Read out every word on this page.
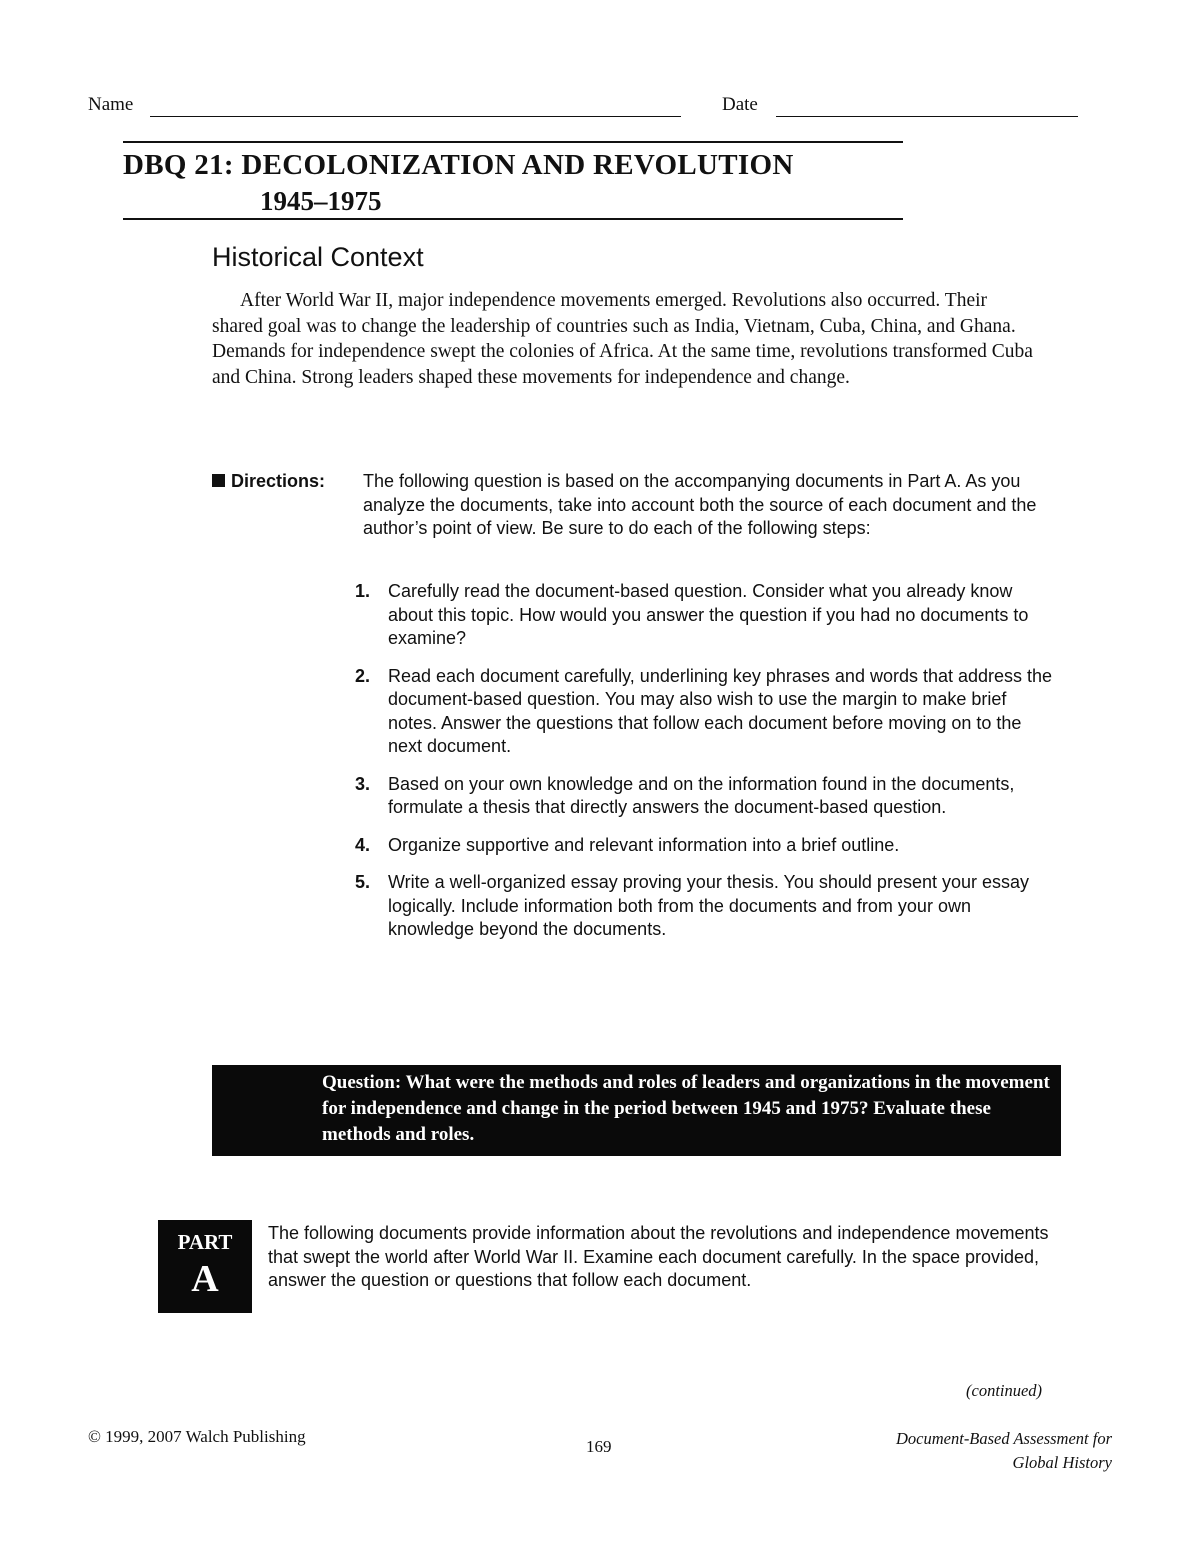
Name	Date
DBQ 21: DECOLONIZATION AND REVOLUTION
1945–1975
Historical Context

After World War II, major independence movements emerged. Revolutions also occurred. Their shared goal was to change the leadership of countries such as India, Vietnam, Cuba, China, and Ghana. Demands for independence swept the colonies of Africa. At the same time, revolutions transformed Cuba and China. Strong leaders shaped these movements for independence and change.

Directions:	The following question is based on the accompanying documents in Part A. As you analyze the documents, take into account both the source of each document and the author’s point of view. Be sure to do each of the following steps:

1. Carefully read the document-based question. Consider what you already know about this topic. How would you answer the question if you had no documents to examine?
2. Read each document carefully, underlining key phrases and words that address the document-based question. You may also wish to use the margin to make brief notes. Answer the questions that follow each document before moving on to the next document.
3. Based on your own knowledge and on the information found in the documents, formulate a thesis that directly answers the document-based question.
4. Organize supportive and relevant information into a brief outline.
5. Write a well-organized essay proving your thesis. You should present your essay logically. Include information both from the documents and from your own knowledge beyond the documents.

Question: What were the methods and roles of leaders and organizations in the movement for independence and change in the period between 1945 and 1975? Evaluate these methods and roles.

PART
A

The following documents provide information about the revolutions and independence movements that swept the world after World War II. Examine each document carefully. In the space provided, answer the question or questions that follow each document.

(continued)
© 1999, 2007 Walch Publishing
169	Document-Based Assessment for
Global History
